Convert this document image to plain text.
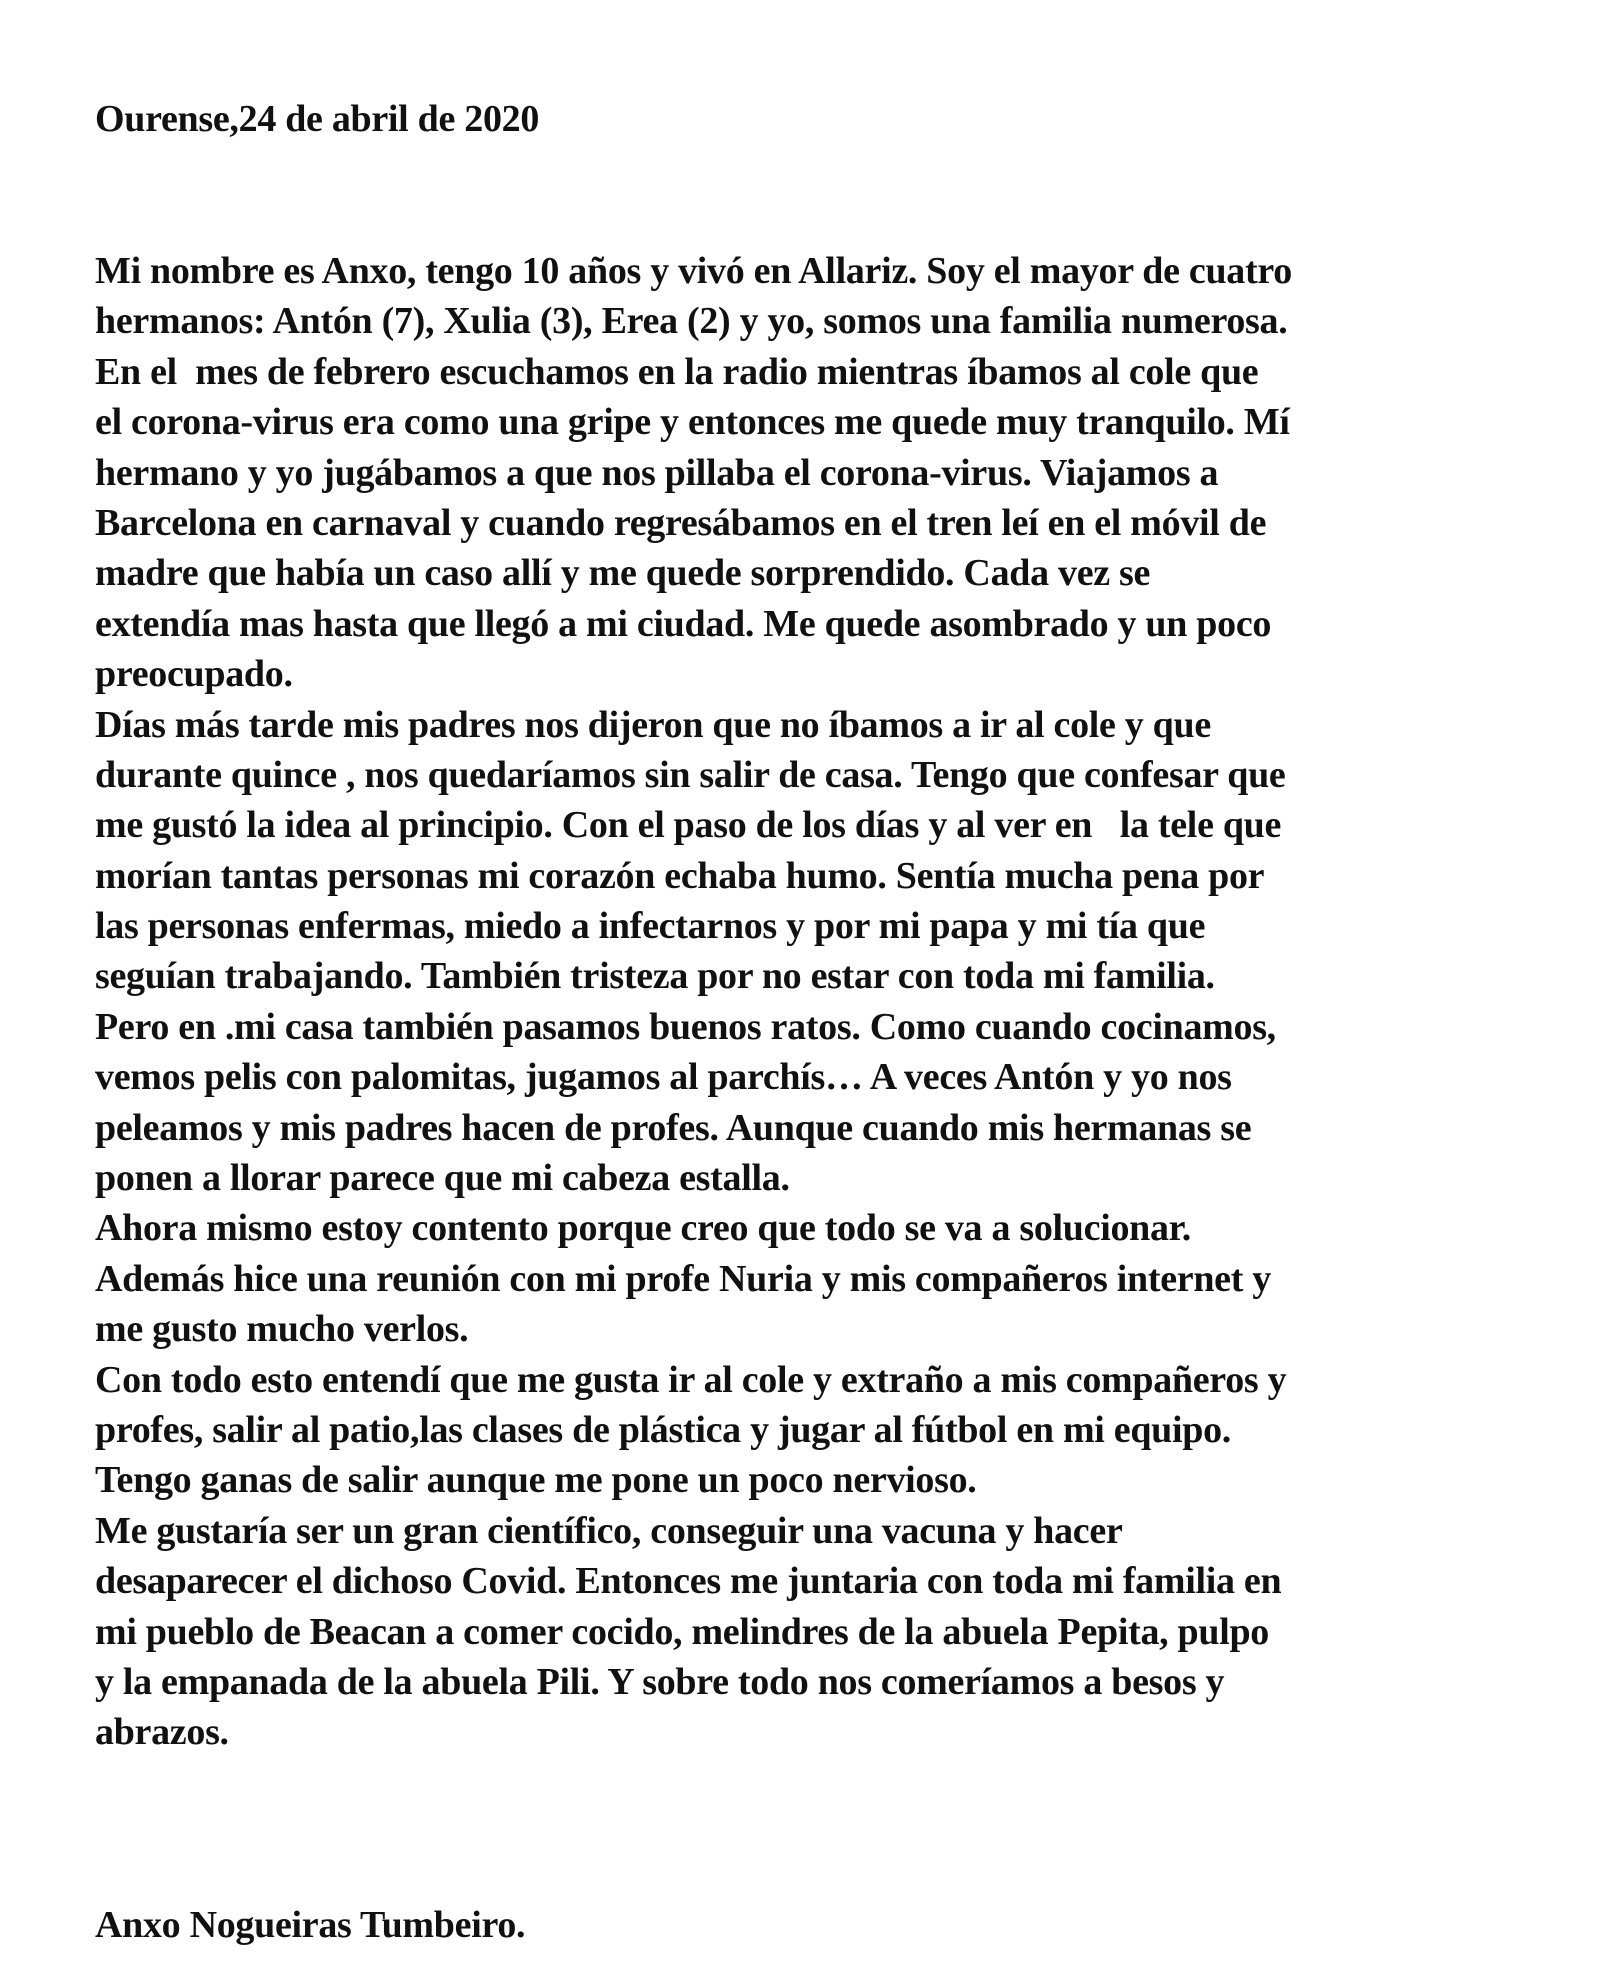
Ourense,24 de abril de 2020
Mi nombre es Anxo, tengo 10 años y vivó en Allariz. Soy el mayor de cuatro
hermanos: Antón (7), Xulia (3), Erea (2) y yo, somos una familia numerosa.
En el  mes de febrero escuchamos en la radio mientras íbamos al cole que
el corona-virus era como una gripe y entonces me quede muy tranquilo. Mí
hermano y yo jugábamos a que nos pillaba el corona-virus. Viajamos a
Barcelona en carnaval y cuando regresábamos en el tren leí en el móvil de
madre que había un caso allí y me quede sorprendido. Cada vez se
extendía mas hasta que llegó a mi ciudad. Me quede asombrado y un poco
preocupado.
Días más tarde mis padres nos dijeron que no íbamos a ir al cole y que
durante quince , nos quedaríamos sin salir de casa. Tengo que confesar que
me gustó la idea al principio. Con el paso de los días y al ver en   la tele que
morían tantas personas mi corazón echaba humo. Sentía mucha pena por
las personas enfermas, miedo a infectarnos y por mi papa y mi tía que
seguían trabajando. También tristeza por no estar con toda mi familia.
Pero en .mi casa también pasamos buenos ratos. Como cuando cocinamos,
vemos pelis con palomitas, jugamos al parchís… A veces Antón y yo nos
peleamos y mis padres hacen de profes. Aunque cuando mis hermanas se
ponen a llorar parece que mi cabeza estalla.
Ahora mismo estoy contento porque creo que todo se va a solucionar.
Además hice una reunión con mi profe Nuria y mis compañeros internet y
me gusto mucho verlos.
Con todo esto entendí que me gusta ir al cole y extraño a mis compañeros y
profes, salir al patio,las clases de plástica y jugar al fútbol en mi equipo.
Tengo ganas de salir aunque me pone un poco nervioso.
Me gustaría ser un gran científico, conseguir una vacuna y hacer
desaparecer el dichoso Covid. Entonces me juntaria con toda mi familia en
mi pueblo de Beacan a comer cocido, melindres de la abuela Pepita, pulpo
y la empanada de la abuela Pili. Y sobre todo nos comeríamos a besos y
abrazos.
Anxo Nogueiras Tumbeiro.
